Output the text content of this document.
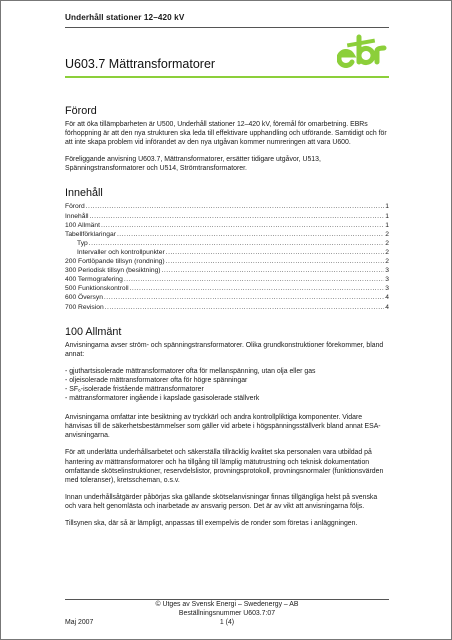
Underhåll stationer 12–420 kV
U603.7 Mättransformatorer
Förord

För att öka tillämpbarheten är U500, Underhåll stationer 12–420 kV, föremål för omarbetning. EBRs förhoppning är att den nya strukturen ska leda till effektivare upphandling och utförande. Samtidigt och för att inte skapa problem vid införandet av den nya utgåvan kommer numreringen att vara U600.

Föreliggande anvisning U603.7, Mättransformatorer, ersätter tidigare utgåvor, U513, Spänningstransformatorer och U514, Strömtransformatorer.

Innehåll
Förord .....	1
Innehåll .....	1
100 Allmänt .....	1
Tabellförklaringar .....	2
Typ .....	2
Intervaller och kontrollpunkter .....	2
200 Fortlöpande tillsyn (rondning) .....	2
300 Periodisk tillsyn (besiktning) .....	3
400 Termografering .....	3
500 Funktionskontroll .....	3
600 Översyn .....	4
700 Revision .....	4
100 Allmänt

Anvisningarna avser ström- och spänningstransformatorer. Olika grundkonstruktioner förekommer, bland annat:

- gjuthartsisolerade mättransformatorer ofta för mellanspänning, utan olja eller gas
- oljeisolerade mättransformatorer ofta för högre spänningar
- SF₆-isolerade fristående mättransformatorer
- mättransformatorer ingående i kapslade gasisolerade ställverk

Anvisningarna omfattar inte besiktning av tryckkärl och andra kontrollpliktiga komponenter. Vidare hänvisas till de säkerhetsbestämmelser som gäller vid arbete i högspänningsställverk bland annat ESA-anvisningarna.

För att underlätta underhållsarbetet och säkerställa tillräcklig kvalitet ska personalen vara utbildad på hantering av mättransformatorer och ha tillgång till lämplig mätutrustning och teknisk dokumentation omfattande skötselinstruktioner, reservdelslistor, provningsprotokoll, provningsnormaler (funktionsvärden med toleranser), kretsscheman, o.s.v.

Innan underhållsåtgärder påbörjas ska gällande skötselanvisningar finnas tillgängliga helst på svenska och vara helt genomlästa och inarbetade av ansvarig person. Det är av vikt att anvisningarna följs.

Tillsynen ska, där så är lämpligt, anpassas till exempelvis de ronder som företas i anläggningen.

© Utges av Svensk Energi – Swedenergy – AB
Beställningsnummer U603.7:07
Maj 2007	1 (4)
